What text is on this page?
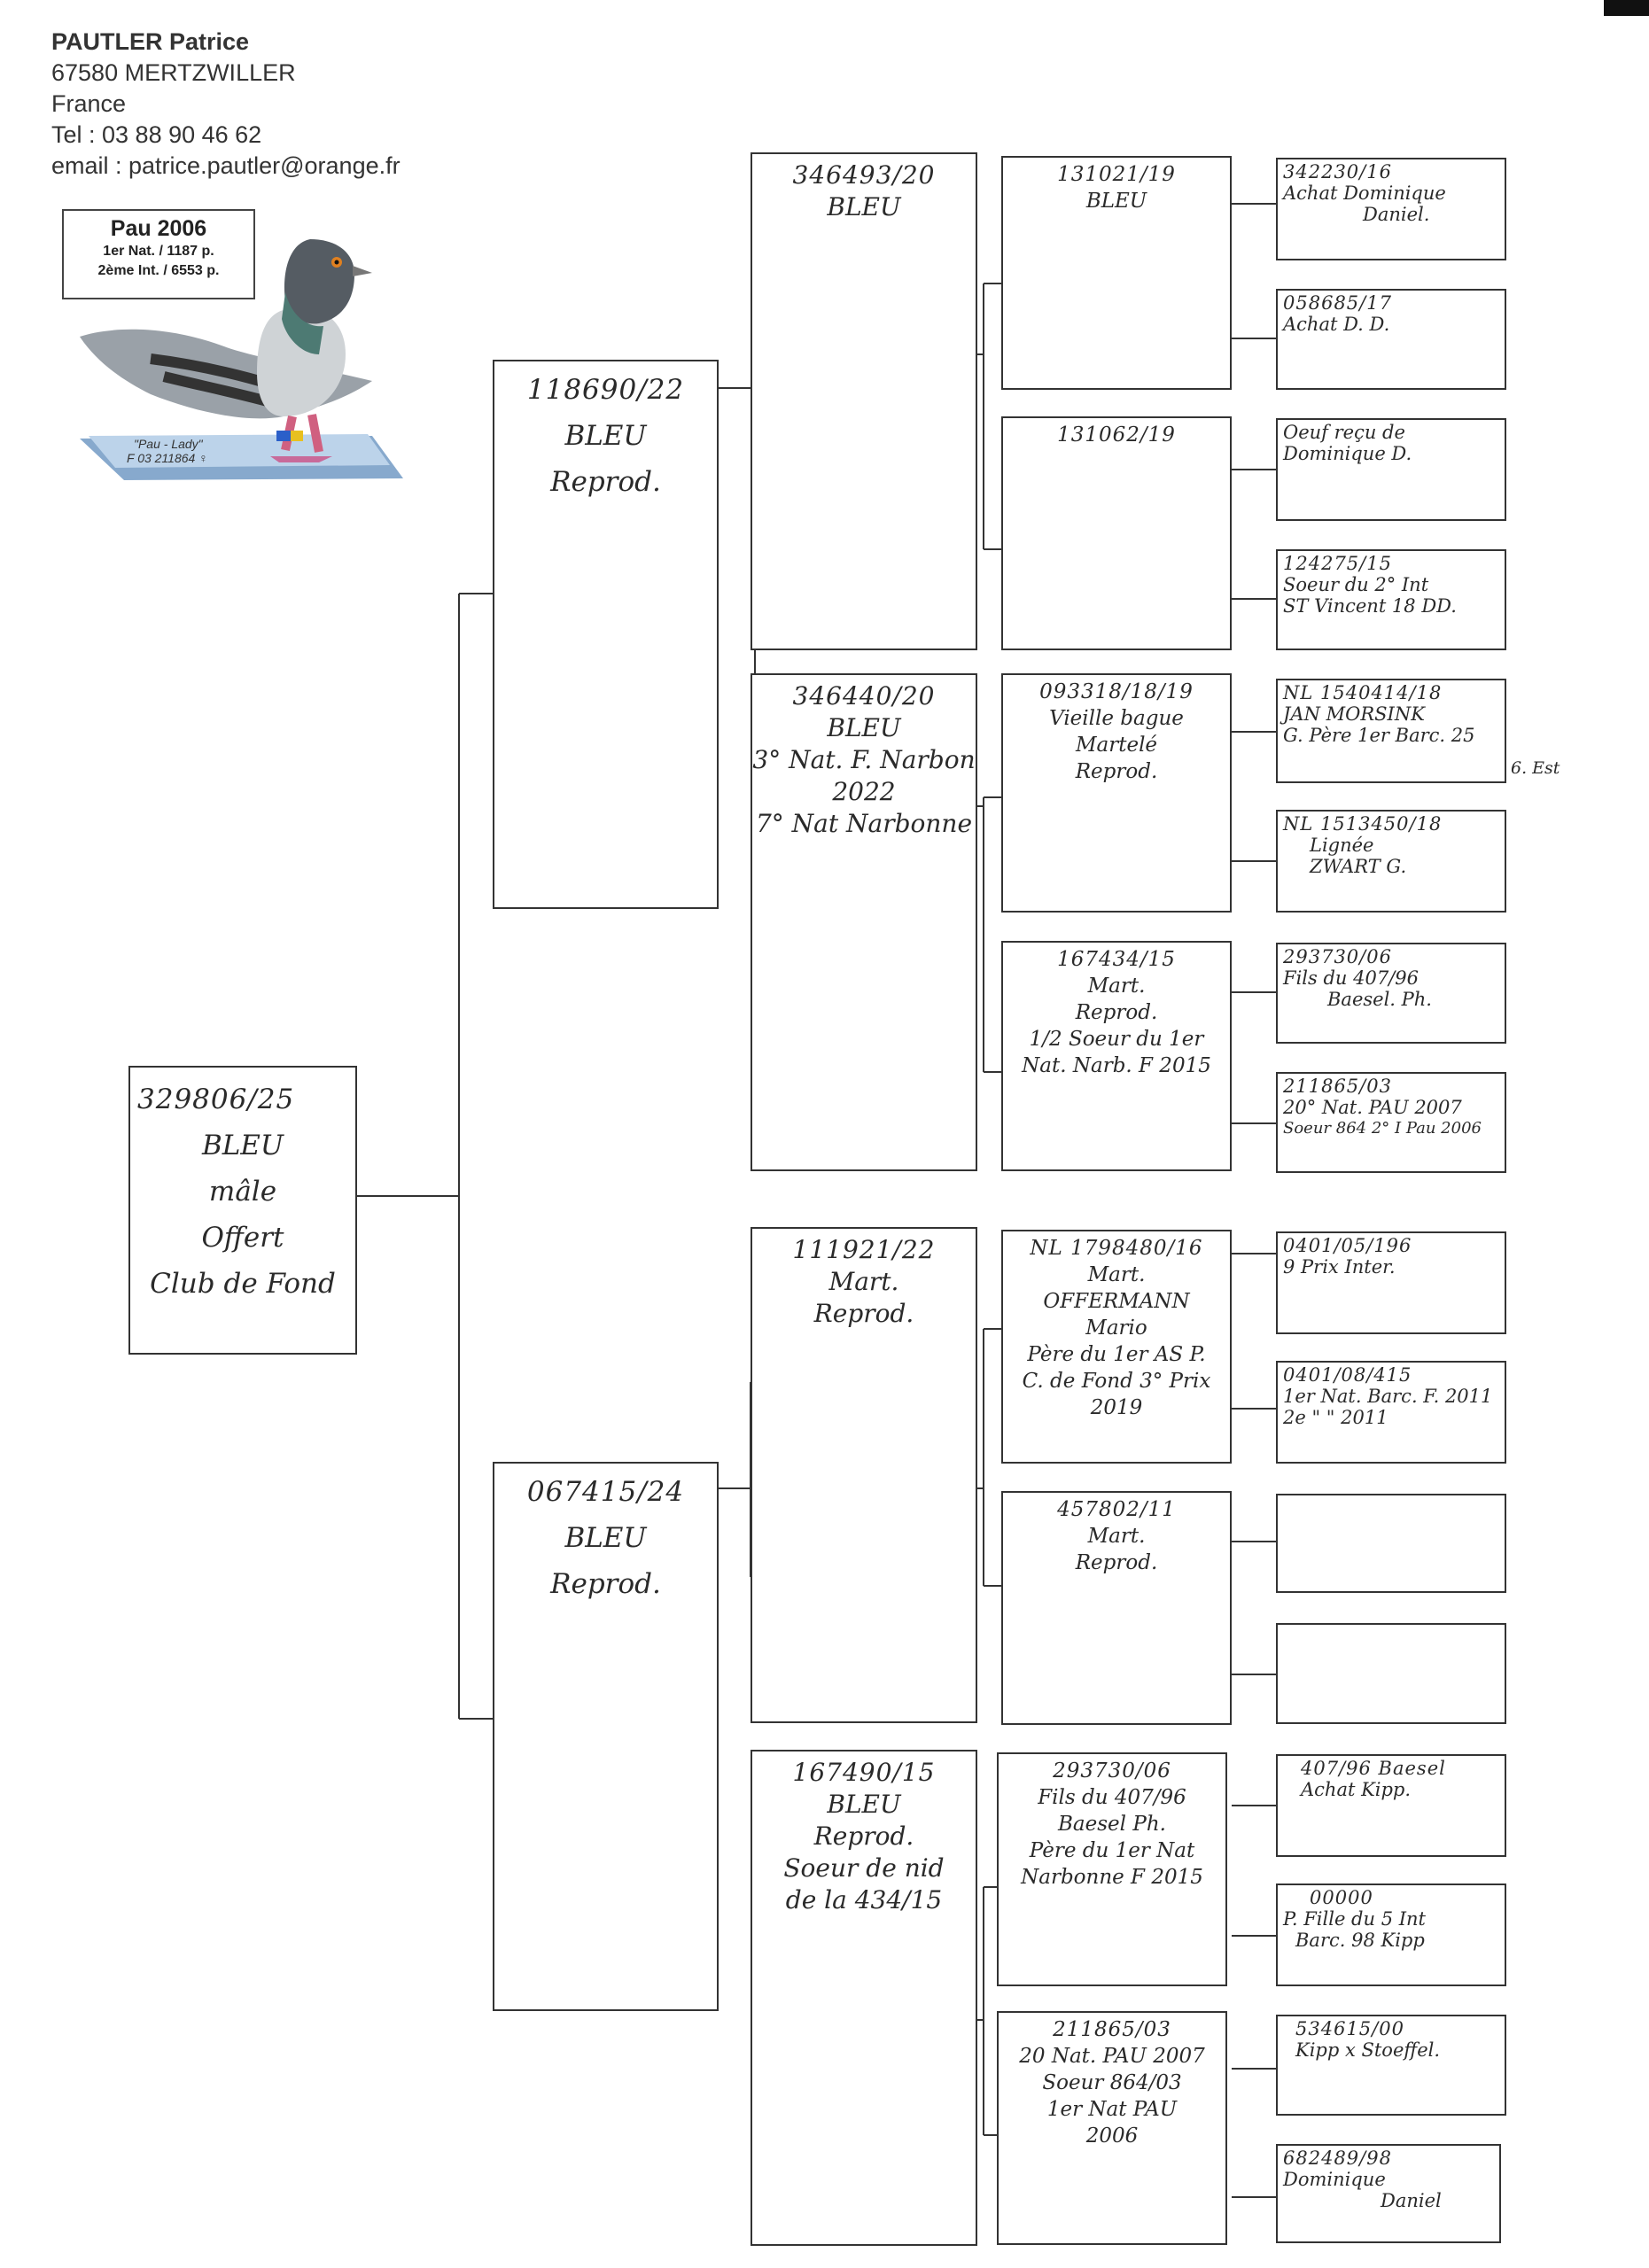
PAUTLER Patrice
67580 MERTZWILLER
France
Tel : 03 88 90 46 62
email : patrice.pautler@orange.fr
Pau 2006
1er Nat. / 1187 p.
2ème Int. / 6553 p.
"Pau - Lady"
F 03 211864 ♀
329806/25
BLEU
mâle
Offert
Club de Fond
118690/22
BLEU
Reprod.
067415/24
BLEU
Reprod.
346493/20
BLEU
346440/20
BLEU
3° Nat. F. Narbon
2022
7° Nat Narbonne
111921/22
Mart.
Reprod.
167490/15
BLEU
Reprod.
Soeur de nid
de la 434/15
131021/19
BLEU
131062/19
093318/18/19
Vieille bague
Martelé
Reprod.
167434/15
Mart.
Reprod.
1/2 Soeur du 1er
Nat. Narb. F 2015
NL 1798480/16
Mart.
OFFERMANN
Mario
Père du 1er AS P.
C. de Fond 3° Prix
2019
457802/11
Mart.
Reprod.
293730/06
Fils du 407/96
Baesel Ph.
Père du 1er Nat
Narbonne F 2015
211865/03
20 Nat. PAU 2007
Soeur 864/03
1er Nat PAU
2006
342230/16
Achat Dominique
Daniel.
058685/17
Achat D. D.
Oeuf reçu de
Dominique D.
124275/15
Soeur du 2° Int
ST Vincent 18 DD.
NL 1540414/18
JAN MORSINK
G. Père 1er Barc. 25
6. Est
NL 1513450/18
Lignée
ZWART G.
293730/06
Fils du 407/96
Baesel. Ph.
211865/03
20° Nat. PAU 2007
Soeur 864 2° I Pau 2006
0401/05/196
9 Prix Inter.
0401/08/415
1er Nat. Barc. F. 2011
2e " " 2011
407/96 Baesel
Achat Kipp.
00000
P. Fille du 5 Int
Barc. 98 Kipp
534615/00
Kipp x Stoeffel.
682489/98
Dominique
Daniel
